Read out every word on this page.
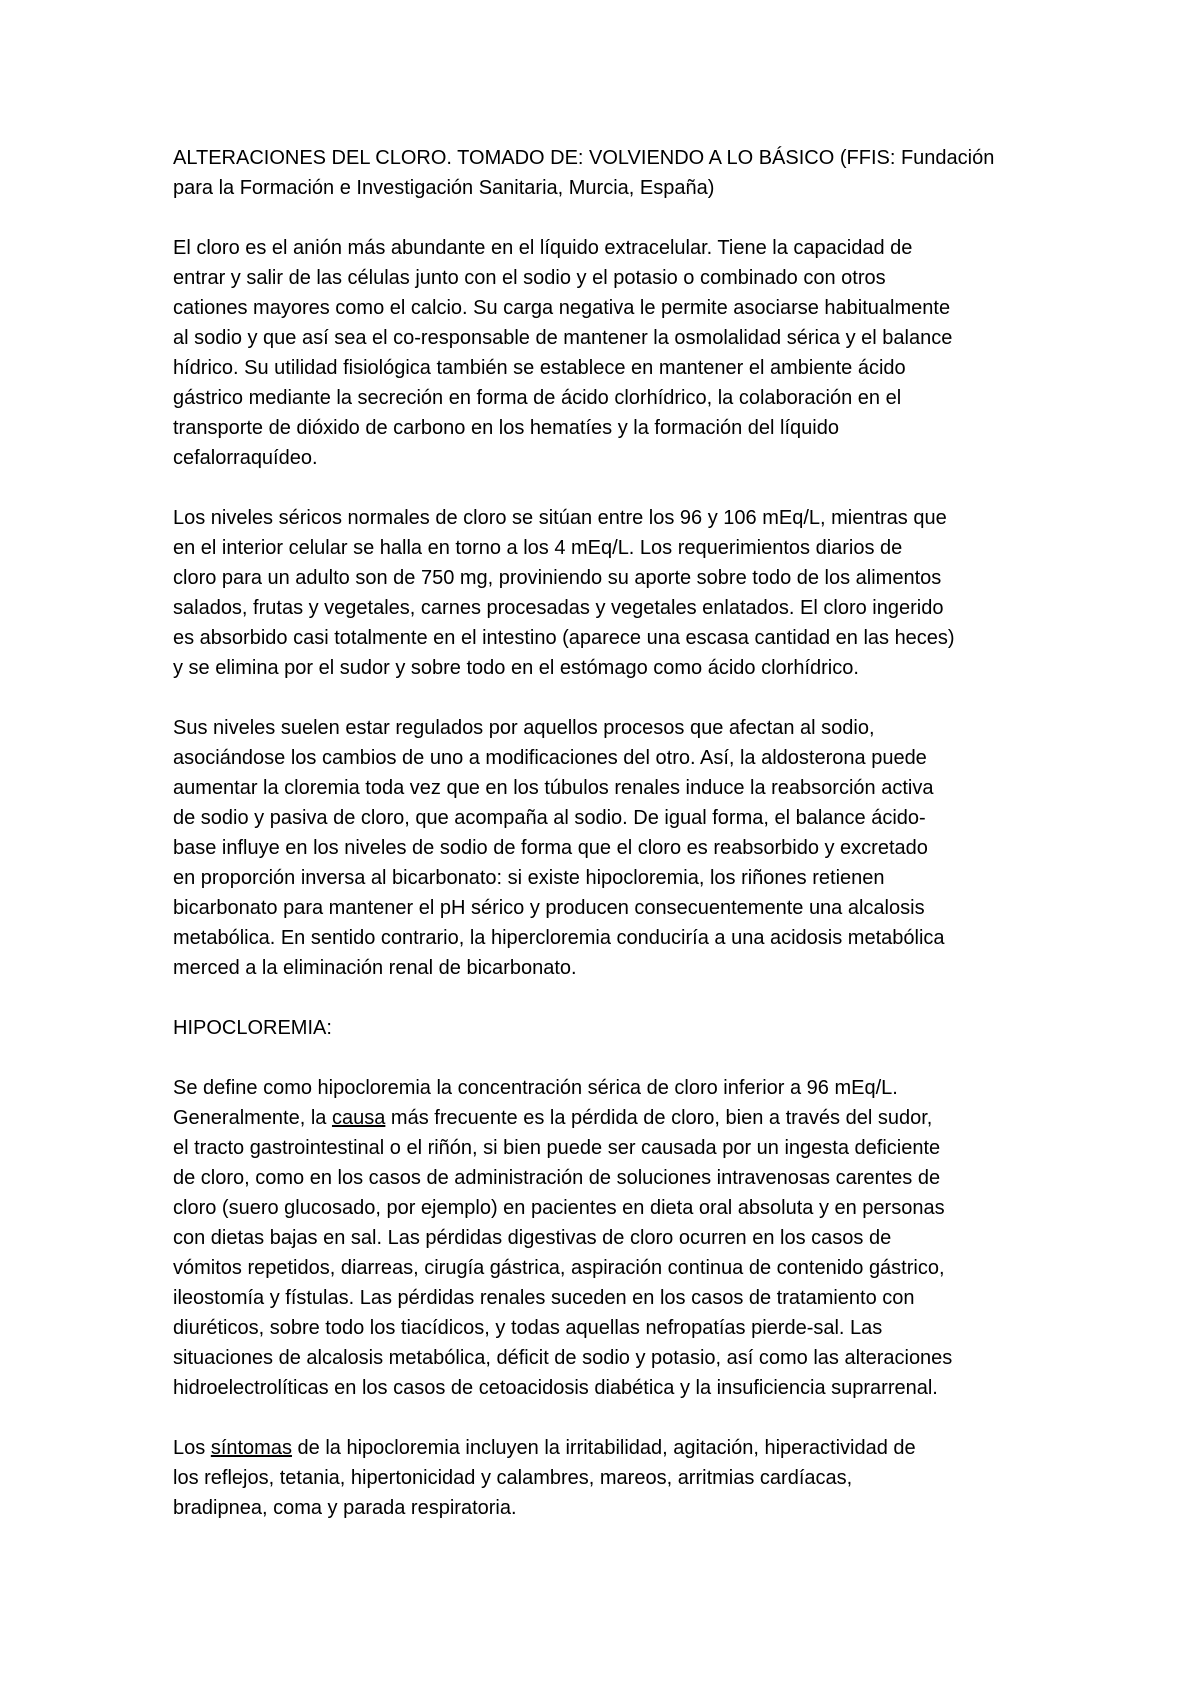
ALTERACIONES DEL CLORO. TOMADO DE: VOLVIENDO A LO BÁSICO (FFIS: Fundación
para la Formación e Investigación Sanitaria, Murcia, España)
El cloro es el anión más abundante en el líquido extracelular. Tiene la capacidad de
entrar y salir de las células junto con el sodio y el potasio o combinado con otros
cationes mayores como el calcio. Su carga negativa le permite asociarse habitualmente
al sodio y que así sea el co-responsable de mantener la osmolalidad sérica y el balance
hídrico. Su utilidad fisiológica también se establece en mantener el ambiente ácido
gástrico mediante la secreción en forma de ácido clorhídrico, la colaboración en el
transporte de dióxido de carbono en los hematíes y la formación del líquido
cefalorraquídeo.
Los niveles séricos normales de cloro se sitúan entre los 96 y 106 mEq/L, mientras que
en el interior celular se halla en torno a los 4 mEq/L. Los requerimientos diarios de
cloro para un adulto son de 750 mg, proviniendo su aporte sobre todo de los alimentos
salados, frutas y vegetales, carnes procesadas y vegetales enlatados. El cloro ingerido
es absorbido casi totalmente en el intestino (aparece una escasa cantidad en las heces)
y se elimina por el sudor y sobre todo en el estómago como ácido clorhídrico.
Sus niveles suelen estar regulados por aquellos procesos que afectan al sodio,
asociándose los cambios de uno a modificaciones del otro. Así, la aldosterona puede
aumentar la cloremia toda vez que en los túbulos renales induce la reabsorción activa
de sodio y pasiva de cloro, que acompaña al sodio. De igual forma, el balance ácido-
base influye en los niveles de sodio de forma que el cloro es reabsorbido y excretado
en proporción inversa al bicarbonato: si existe hipocloremia, los riñones retienen
bicarbonato para mantener el pH sérico y producen consecuentemente una alcalosis
metabólica. En sentido contrario, la hipercloremia conduciría a una acidosis metabólica
merced a la eliminación renal de bicarbonato.
HIPOCLOREMIA:
Se define como hipocloremia la concentración sérica de cloro inferior a 96 mEq/L.
Generalmente, la causa más frecuente es la pérdida de cloro, bien a través del sudor,
el tracto gastrointestinal o el riñón, si bien puede ser causada por un ingesta deficiente
de cloro, como en los casos de administración de soluciones intravenosas carentes de
cloro (suero glucosado, por ejemplo) en pacientes en dieta oral absoluta y en personas
con dietas bajas en sal. Las pérdidas digestivas de cloro ocurren en los casos de
vómitos repetidos, diarreas, cirugía gástrica, aspiración continua de contenido gástrico,
ileostomía y fístulas. Las pérdidas renales suceden en los casos de tratamiento con
diuréticos, sobre todo los tiacídicos, y todas aquellas nefropatías pierde-sal. Las
situaciones de alcalosis metabólica, déficit de sodio y potasio, así como las alteraciones
hidroelectrolíticas en los casos de cetoacidosis diabética y la insuficiencia suprarrenal.
Los síntomas de la hipocloremia incluyen la irritabilidad, agitación, hiperactividad de
los reflejos, tetania, hipertonicidad y calambres, mareos, arritmias cardíacas,
bradipnea, coma y parada respiratoria.
